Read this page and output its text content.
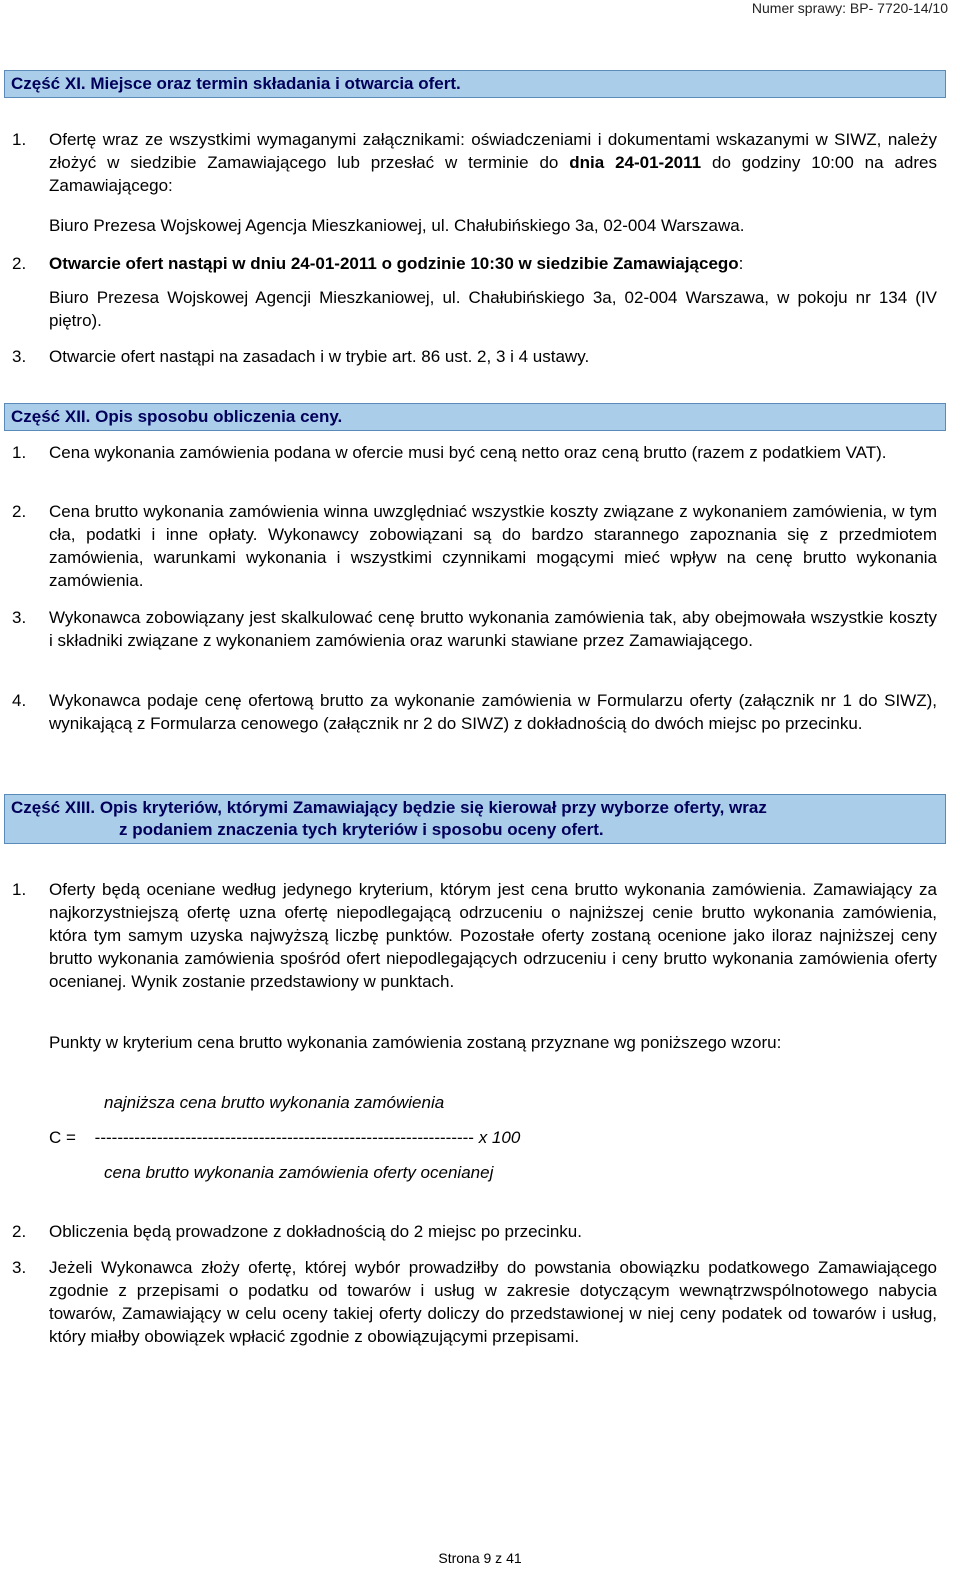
Numer sprawy: BP- 7720-14/10
Część XI. Miejsce oraz termin składania i otwarcia ofert.
1. Ofertę wraz ze wszystkimi wymaganymi załącznikami: oświadczeniami i dokumentami wskazanymi w SIWZ, należy złożyć w siedzibie Zamawiającego lub przesłać w terminie do dnia 24-01-2011 do godziny 10:00 na adres Zamawiającego:
Biuro Prezesa Wojskowej Agencja Mieszkaniowej, ul. Chałubińskiego 3a, 02-004 Warszawa.
2. Otwarcie ofert nastąpi w dniu 24-01-2011 o godzinie 10:30 w siedzibie Zamawiającego:
Biuro Prezesa Wojskowej Agencji Mieszkaniowej, ul. Chałubińskiego 3a, 02-004 Warszawa, w pokoju nr 134 (IV piętro).
3. Otwarcie ofert nastąpi na zasadach i w trybie art. 86 ust. 2, 3 i 4 ustawy.
Część XII. Opis sposobu obliczenia ceny.
1. Cena wykonania zamówienia podana w ofercie musi być ceną netto oraz ceną brutto (razem z podatkiem VAT).
2. Cena brutto wykonania zamówienia winna uwzględniać wszystkie koszty związane z wykonaniem zamówienia, w tym cła, podatki i inne opłaty. Wykonawcy zobowiązani są do bardzo starannego zapoznania się z przedmiotem zamówienia, warunkami wykonania i wszystkimi czynnikami mogącymi mieć wpływ na cenę brutto wykonania zamówienia.
3. Wykonawca zobowiązany jest skalkulować cenę brutto wykonania zamówienia tak, aby obejmowała wszystkie koszty i składniki związane z wykonaniem zamówienia oraz warunki stawiane przez Zamawiającego.
4. Wykonawca podaje cenę ofertową brutto za wykonanie zamówienia w Formularzu oferty (załącznik nr 1 do SIWZ), wynikającą z Formularza cenowego (załącznik nr 2 do SIWZ) z dokładnością do dwóch miejsc po przecinku.
Część XIII. Opis kryteriów, którymi Zamawiający będzie się kierował przy wyborze oferty, wraz
z podaniem znaczenia tych kryteriów i sposobu oceny ofert.
1. Oferty będą oceniane według jedynego kryterium, którym jest cena brutto wykonania zamówienia. Zamawiający za najkorzystniejszą ofertę uzna ofertę niepodlegającą odrzuceniu o najniższej cenie brutto wykonania zamówienia, która tym samym uzyska najwyższą liczbę punktów. Pozostałe oferty zostaną ocenione jako iloraz najniższej ceny brutto wykonania zamówienia spośród ofert niepodlegających odrzuceniu i ceny brutto wykonania zamówienia oferty ocenianej. Wynik zostanie przedstawiony w punktach.
Punkty w kryterium cena brutto wykonania zamówienia zostaną przyznane wg poniższego wzoru:
najniższa cena brutto wykonania zamówienia
C = ------------------------------------------------------------------- x 100
cena brutto wykonania zamówienia oferty ocenianej
2. Obliczenia będą prowadzone z dokładnością do 2 miejsc po przecinku.
3. Jeżeli Wykonawca złoży ofertę, której wybór prowadziłby do powstania obowiązku podatkowego Zamawiającego zgodnie z przepisami o podatku od towarów i usług w zakresie dotyczącym wewnątrzwspólnotowego nabycia towarów, Zamawiający w celu oceny takiej oferty doliczy do przedstawionej w niej ceny podatek od towarów i usług, który miałby obowiązek wpłacić zgodnie z obowiązującymi przepisami.
Strona 9 z 41
